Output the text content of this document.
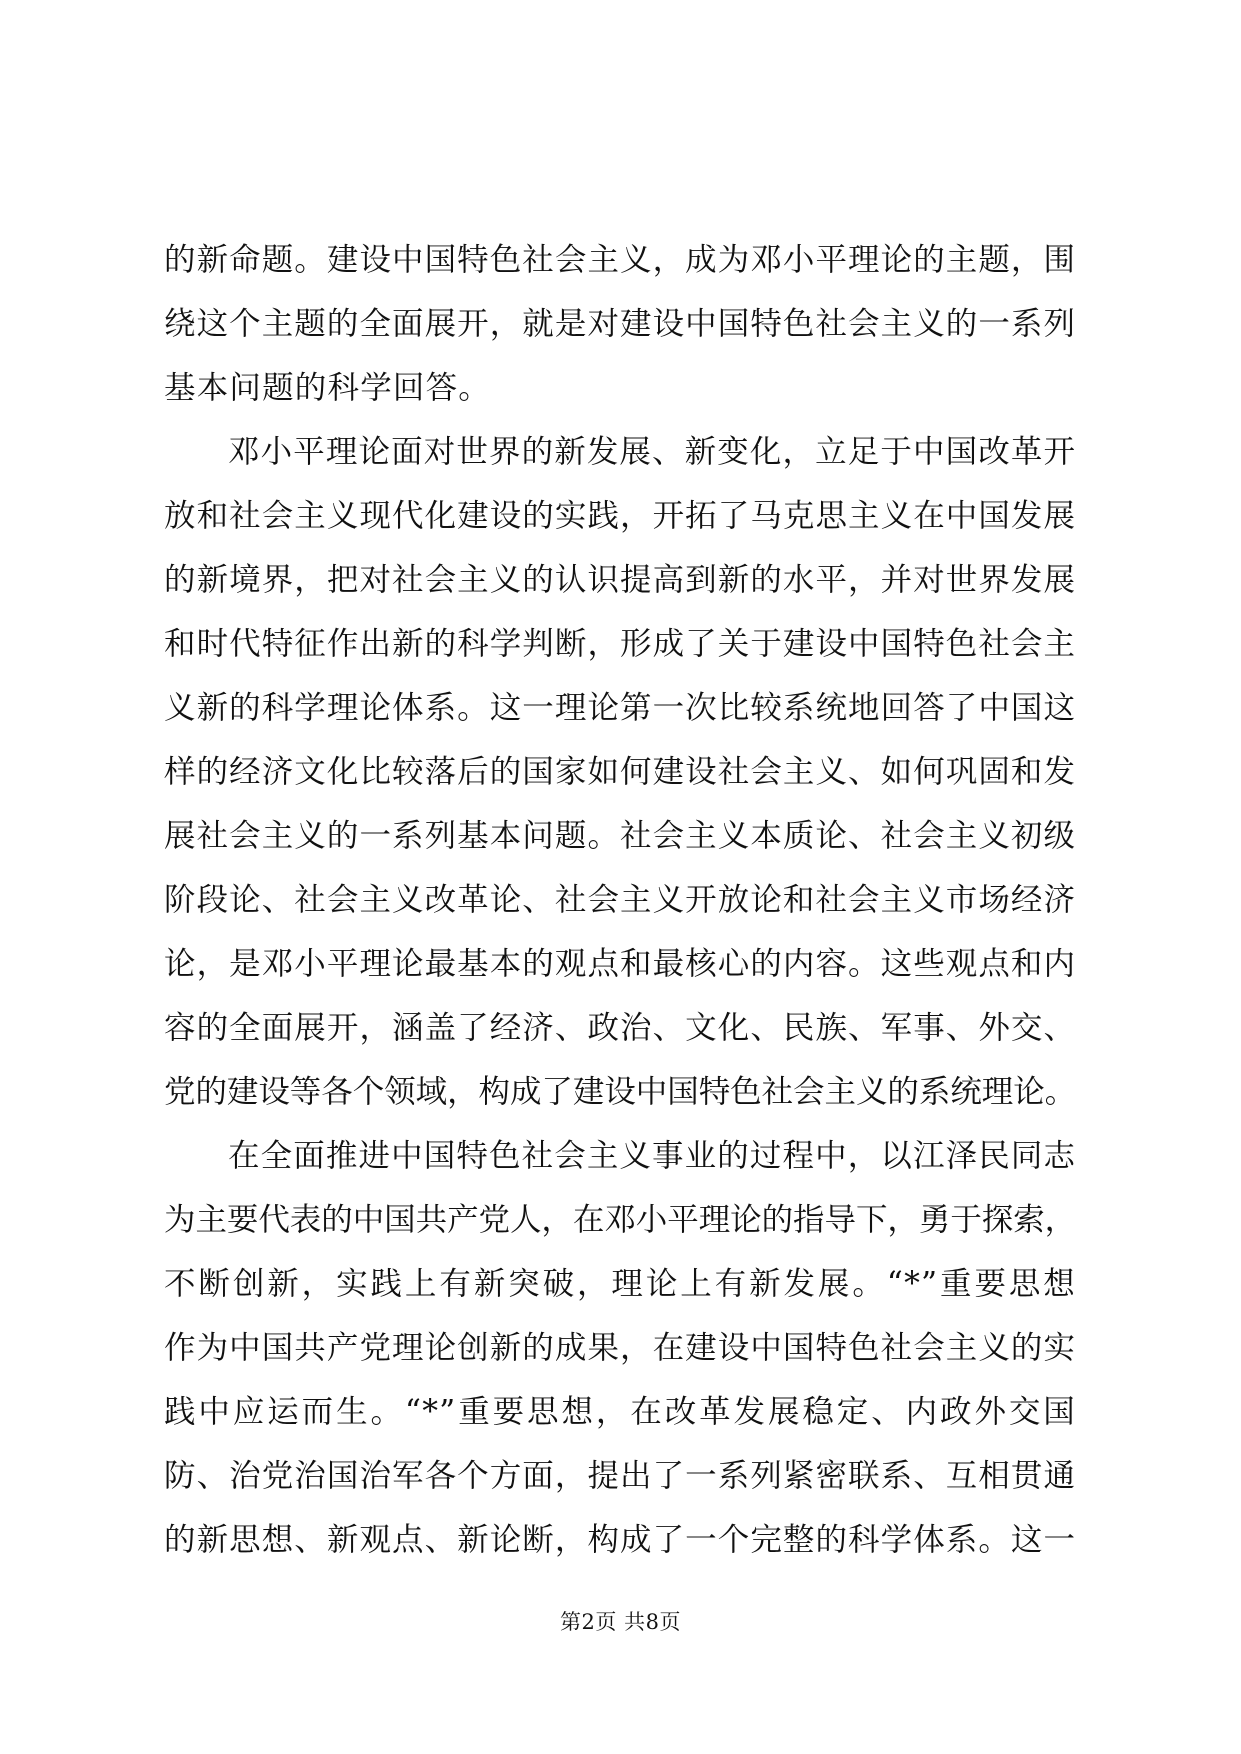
的新命题。建设中国特色社会主义，成为邓小平理论的主题，围
绕这个主题的全面展开，就是对建设中国特色社会主义的一系列
基本问题的科学回答。

邓小平理论面对世界的新发展、新变化，立足于中国改革开
放和社会主义现代化建设的实践，开拓了马克思主义在中国发展
的新境界，把对社会主义的认识提高到新的水平，并对世界发展
和时代特征作出新的科学判断，形成了关于建设中国特色社会主
义新的科学理论体系。这一理论第一次比较系统地回答了中国这
样的经济文化比较落后的国家如何建设社会主义、如何巩固和发
展社会主义的一系列基本问题。社会主义本质论、社会主义初级
阶段论、社会主义改革论、社会主义开放论和社会主义市场经济
论，是邓小平理论最基本的观点和最核心的内容。这些观点和内
容的全面展开，涵盖了经济、政治、文化、民族、军事、外交、
党的建设等各个领域，构成了建设中国特色社会主义的系统理论。

在全面推进中国特色社会主义事业的过程中，以江泽民同志
为主要代表的中国共产党人，在邓小平理论的指导下，勇于探索，
不断创新，实践上有新突破，理论上有新发展。“*”重要思想
作为中国共产党理论创新的成果，在建设中国特色社会主义的实
践中应运而生。“*”重要思想，在改革发展稳定、内政外交国
防、治党治国治军各个方面，提出了一系列紧密联系、互相贯通
的新思想、新观点、新论断，构成了一个完整的科学体系。这一

第2页 共8页
